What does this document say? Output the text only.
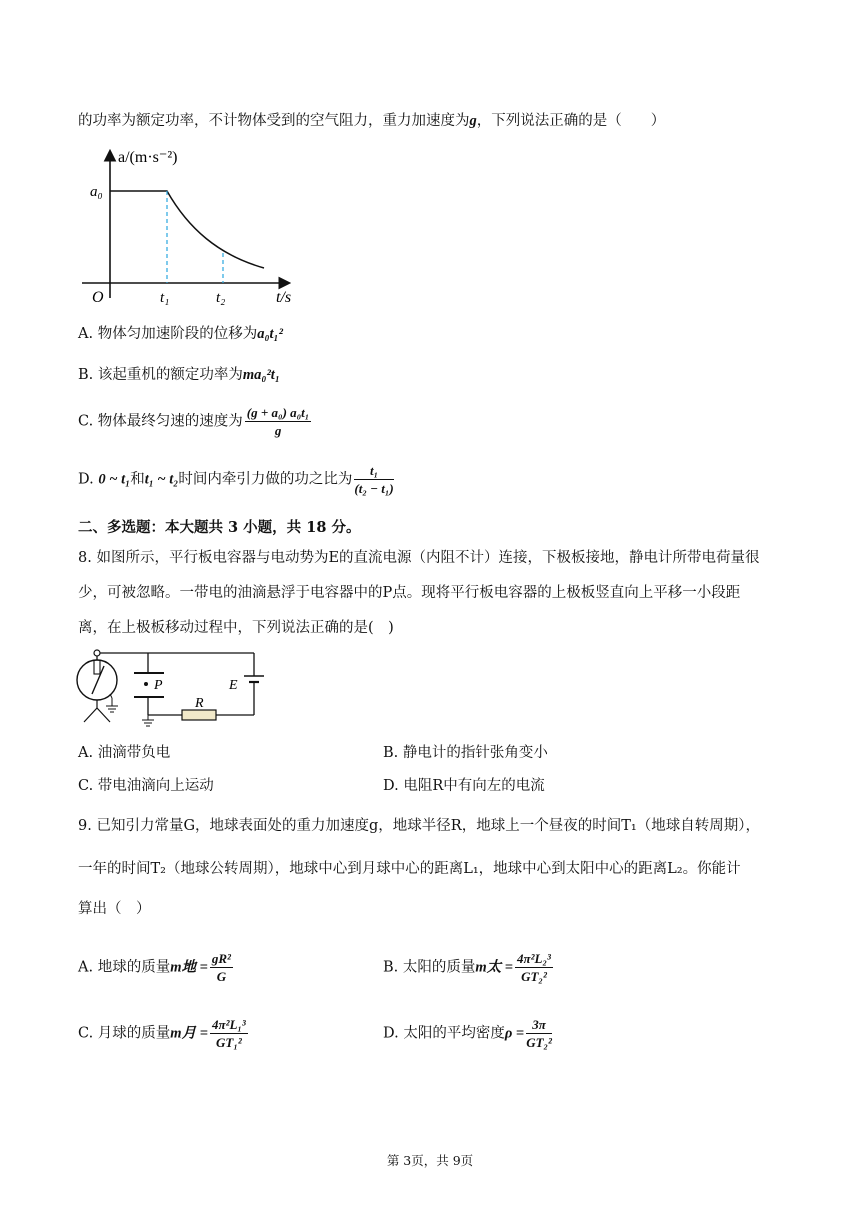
的功率为额定功率，不计物体受到的空气阻力，重力加速度为g，下列说法正确的是（　　）
a/(m·s⁻²)
a₀
O	t₁	t₂	t/s
A. 物体匀加速阶段的位移为a₀t₁²
B. 该起重机的额定功率为ma₀²t₁
C. 物体最终匀速的速度为 $\frac{\text{(g + a₀) a₀t₁}}{g}$
D. 0 ~ t₁和t₁ ~ t₂时间内牵引力做的功之比为 $\frac{\text{t₁}}{\text{(t₂ − t₁)}}$
二、多选题：本大题共 3 小题，共 18 分。
8. 如图所示，平行板电容器与电动势为E的直流电源（内阻不计）连接，下极板接地，静电计所带电荷量很
少，可被忽略。一带电的油滴悬浮于电容器中的P点。现将平行板电容器的上极板竖直向上平移一小段距
离，在上极板移动过程中，下列说法正确的是(　)
P	E
R
A. 油滴带负电	B. 静电计的指针张角变小
C. 带电油滴向上运动	D. 电阻R中有向左的电流
9. 已知引力常量G，地球表面处的重力加速度g，地球半径R，地球上一个昼夜的时间T₁（地球自转周期），
一年的时间T₂（地球公转周期），地球中心到月球中心的距离L₁，地球中心到太阳中心的距离L₂。你能计
算出（　）
A. 地球的质量m地 = $\frac{\text{gR²}}{G}$	B. 太阳的质量m太 = $\frac{\text{4π²L₂³}}{\text{GT₂²}}$
C. 月球的质量m月 = $\frac{\text{4π²L₁³}}{\text{GT₁²}}$	D. 太阳的平均密度$\rho = \frac{3\pi}{\text{GT₂²}}$
第 3页，共 9页
